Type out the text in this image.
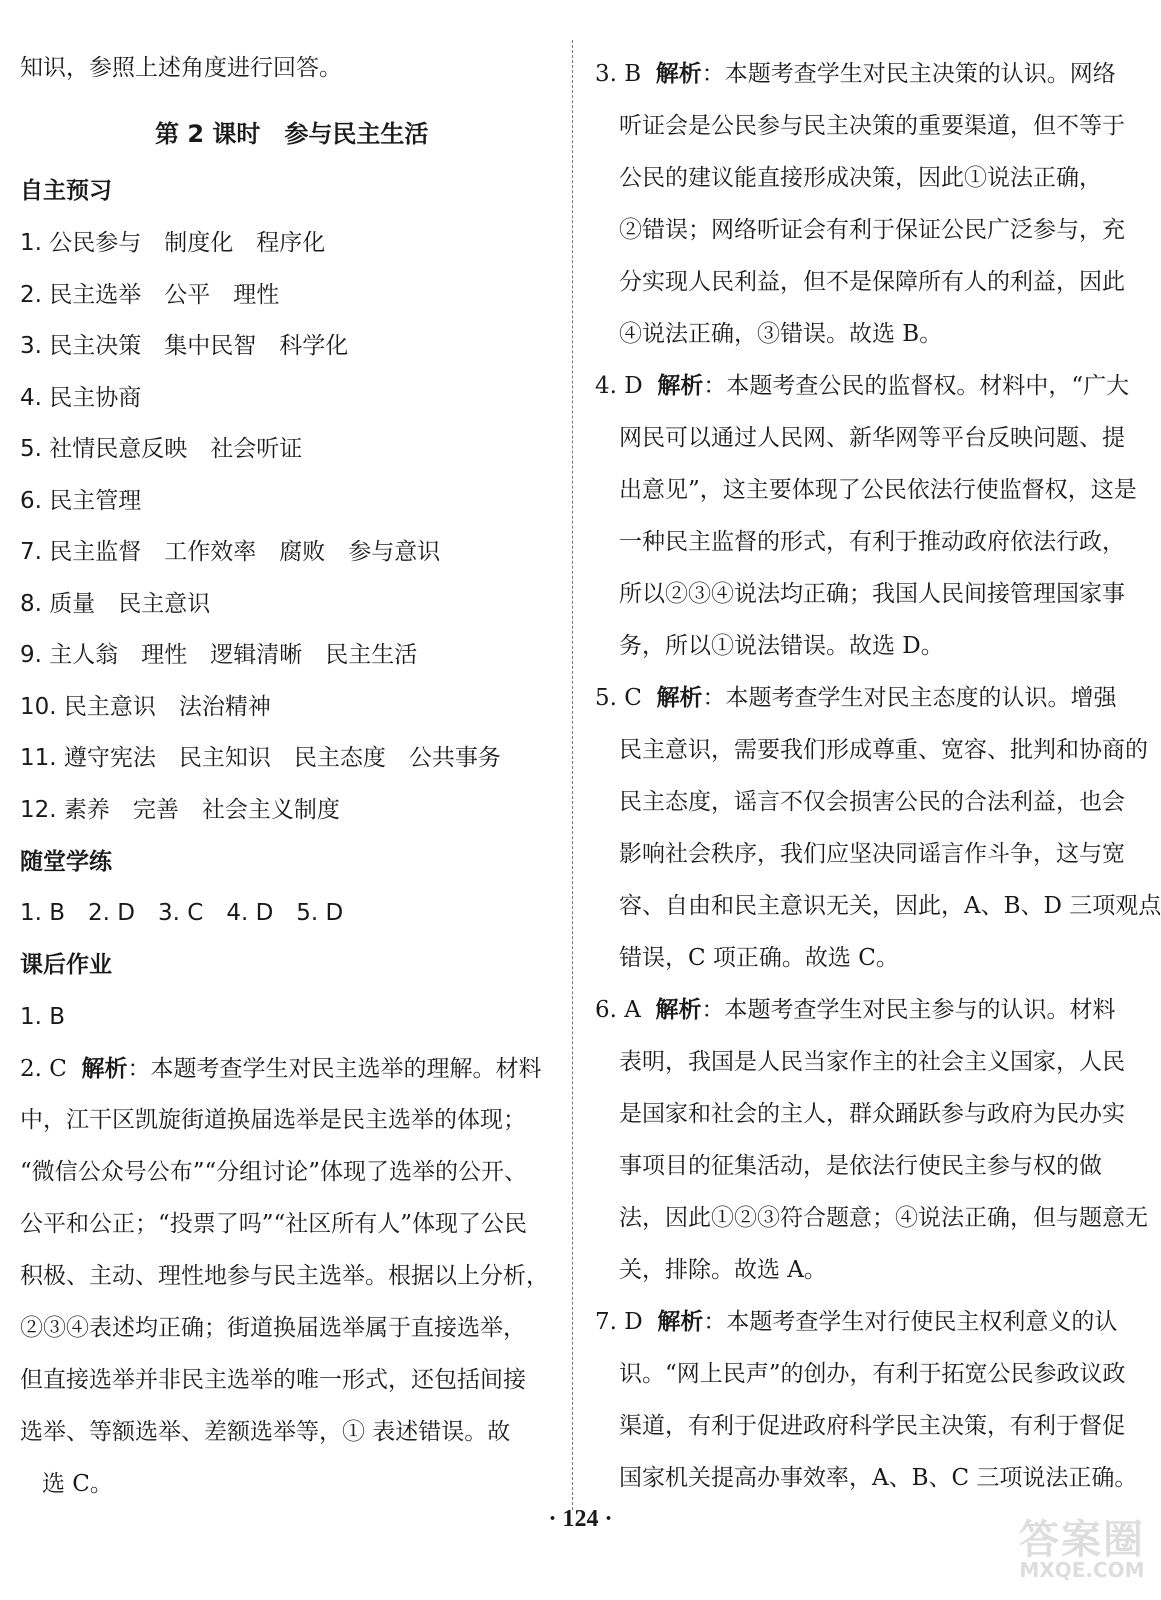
知识，参照上述角度进行回答。
第 2 课时　参与民主生活
自主预习
1. 公民参与　制度化　程序化
2. 民主选举　公平　理性
3. 民主决策　集中民智　科学化
4. 民主协商
5. 社情民意反映　社会听证
6. 民主管理
7. 民主监督　工作效率　腐败　参与意识
8. 质量　民主意识
9. 主人翁　理性　逻辑清晰　民主生活
10. 民主意识　法治精神
11. 遵守宪法　民主知识　民主态度　公共事务
12. 素养　完善　社会主义制度
随堂学练
1. B　2. D　3. C　4. D　5. D
课后作业
1. B
2. C 解析：本题考查学生对民主选举的理解。材料
中，江干区凯旋街道换届选举是民主选举的体现；
“微信公众号公布”“分组讨论”体现了选举的公开、
公平和公正；“投票了吗”“社区所有人”体现了公民
积极、主动、理性地参与民主选举。根据以上分析，
②③④表述均正确；街道换届选举属于直接选举，
但直接选举并非民主选举的唯一形式，还包括间接
选举、等额选举、差额选举等，① 表述错误。故
选 C。
3. B 解析：本题考查学生对民主决策的认识。网络
听证会是公民参与民主决策的重要渠道，但不等于
公民的建议能直接形成决策，因此①说法正确，
②错误；网络听证会有利于保证公民广泛参与，充
分实现人民利益，但不是保障所有人的利益，因此
④说法正确，③错误。故选 B。
4. D 解析：本题考查公民的监督权。材料中，“广大
网民可以通过人民网、新华网等平台反映问题、提
出意见”，这主要体现了公民依法行使监督权，这是
一种民主监督的形式，有利于推动政府依法行政，
所以②③④说法均正确；我国人民间接管理国家事
务，所以①说法错误。故选 D。
5. C 解析：本题考查学生对民主态度的认识。增强
民主意识，需要我们形成尊重、宽容、批判和协商的
民主态度，谣言不仅会损害公民的合法利益，也会
影响社会秩序，我们应坚决同谣言作斗争，这与宽
容、自由和民主意识无关，因此，A、B、D 三项观点
错误，C 项正确。故选 C。
6. A 解析：本题考查学生对民主参与的认识。材料
表明，我国是人民当家作主的社会主义国家，人民
是国家和社会的主人，群众踊跃参与政府为民办实
事项目的征集活动，是依法行使民主参与权的做
法，因此①②③符合题意；④说法正确，但与题意无
关，排除。故选 A。
7. D 解析：本题考查学生对行使民主权利意义的认
识。“网上民声”的创办，有利于拓宽公民参政议政
渠道，有利于促进政府科学民主决策，有利于督促
国家机关提高办事效率，A、B、C 三项说法正确。
· 124 ·	答案圈
MXQE.COM
